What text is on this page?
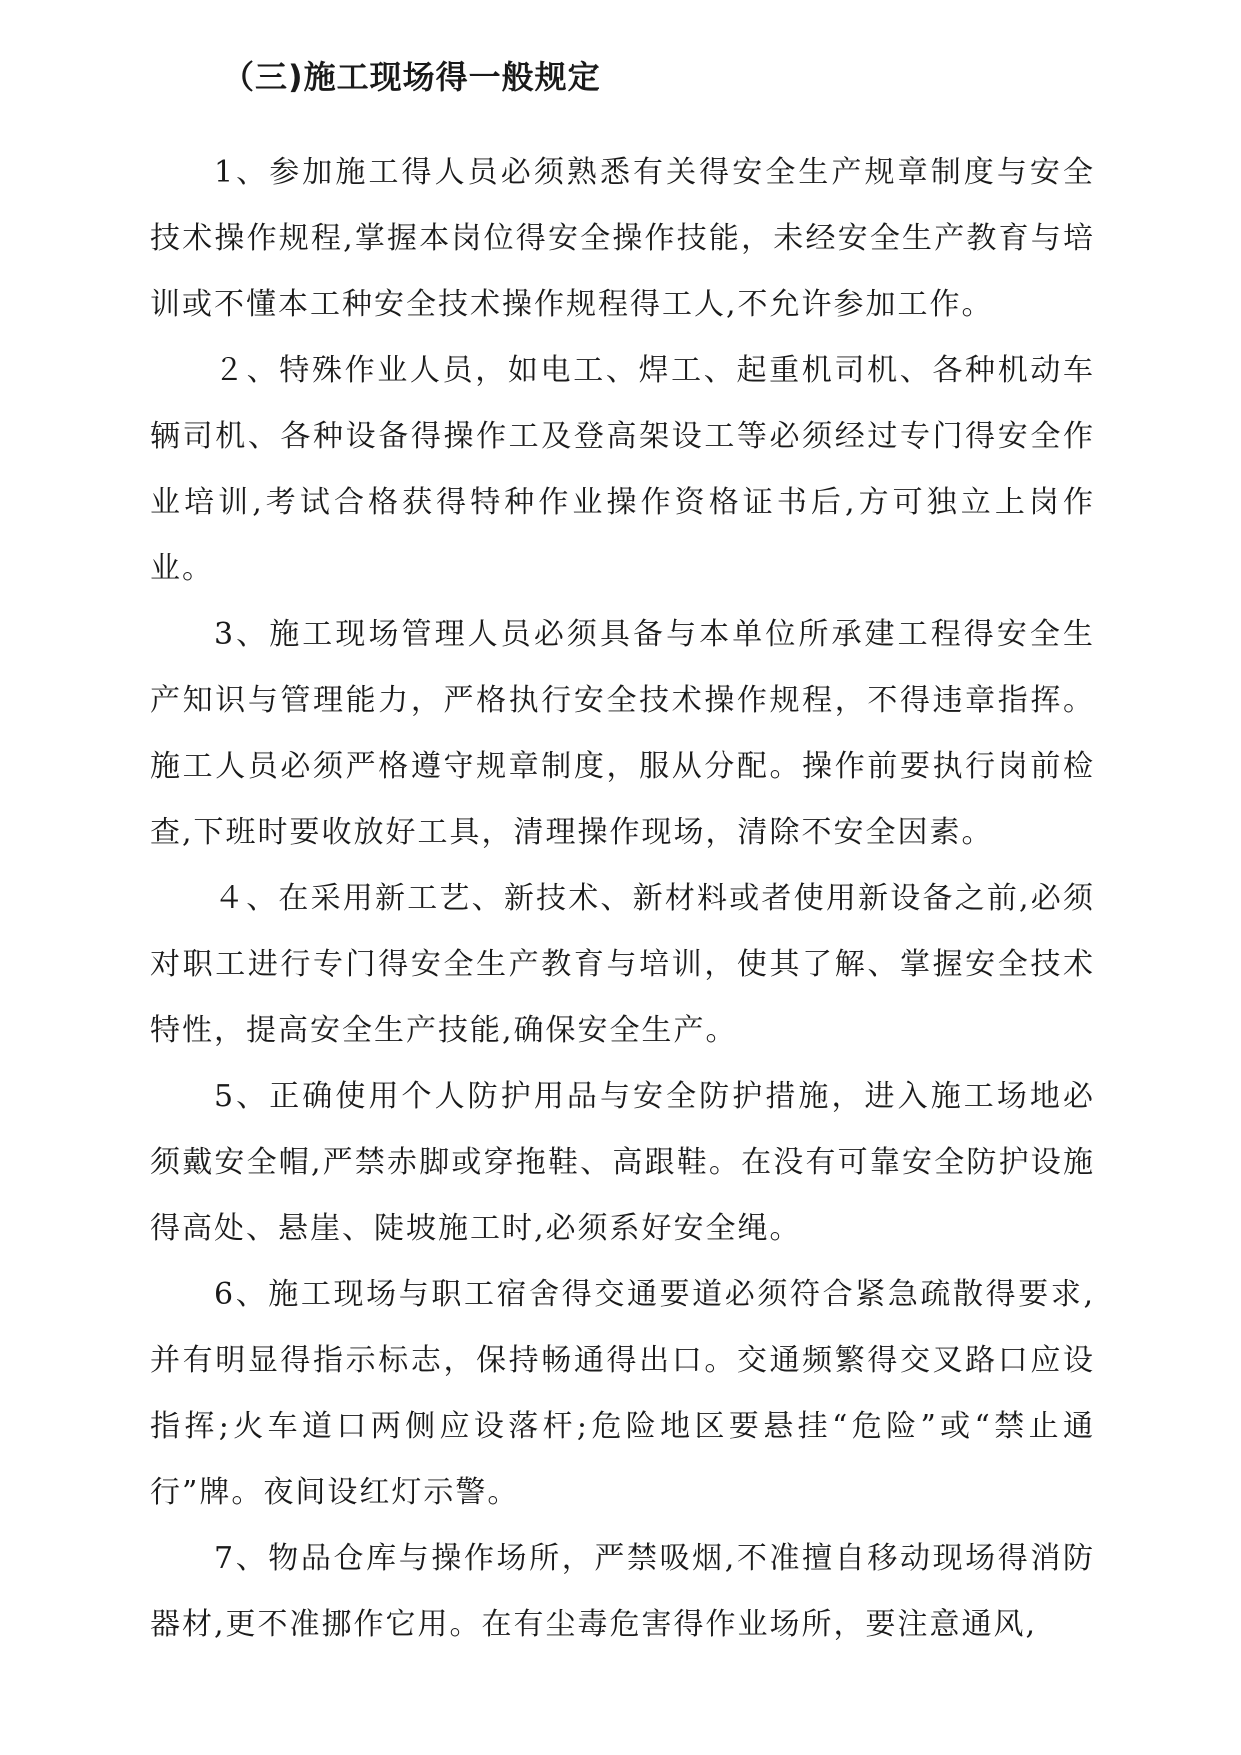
（三)施工现场得一般规定

1、参加施工得人员必须熟悉有关得安全生产规章制度与安全技术操作规程,掌握本岗位得安全操作技能，未经安全生产教育与培训或不懂本工种安全技术操作规程得工人,不允许参加工作。

２、特殊作业人员，如电工、焊工、起重机司机、各种机动车辆司机、各种设备得操作工及登高架设工等必须经过专门得安全作业培训,考试合格获得特种作业操作资格证书后,方可独立上岗作业。

3、施工现场管理人员必须具备与本单位所承建工程得安全生产知识与管理能力，严格执行安全技术操作规程，不得违章指挥。施工人员必须严格遵守规章制度，服从分配。操作前要执行岗前检查,下班时要收放好工具，清理操作现场，清除不安全因素。

４、在采用新工艺、新技术、新材料或者使用新设备之前,必须对职工进行专门得安全生产教育与培训，使其了解、掌握安全技术特性，提高安全生产技能,确保安全生产。

5、正确使用个人防护用品与安全防护措施，进入施工场地必须戴安全帽,严禁赤脚或穿拖鞋、高跟鞋。在没有可靠安全防护设施得高处、悬崖、陡坡施工时,必须系好安全绳。

6、施工现场与职工宿舍得交通要道必须符合紧急疏散得要求,并有明显得指示标志，保持畅通得出口。交通频繁得交叉路口应设指挥;火车道口两侧应设落杆;危险地区要悬挂“危险”或“禁止通行”牌。夜间设红灯示警。

7、物品仓库与操作场所，严禁吸烟,不准擅自移动现场得消防器材,更不准挪作它用。在有尘毒危害得作业场所，要注意通风,
